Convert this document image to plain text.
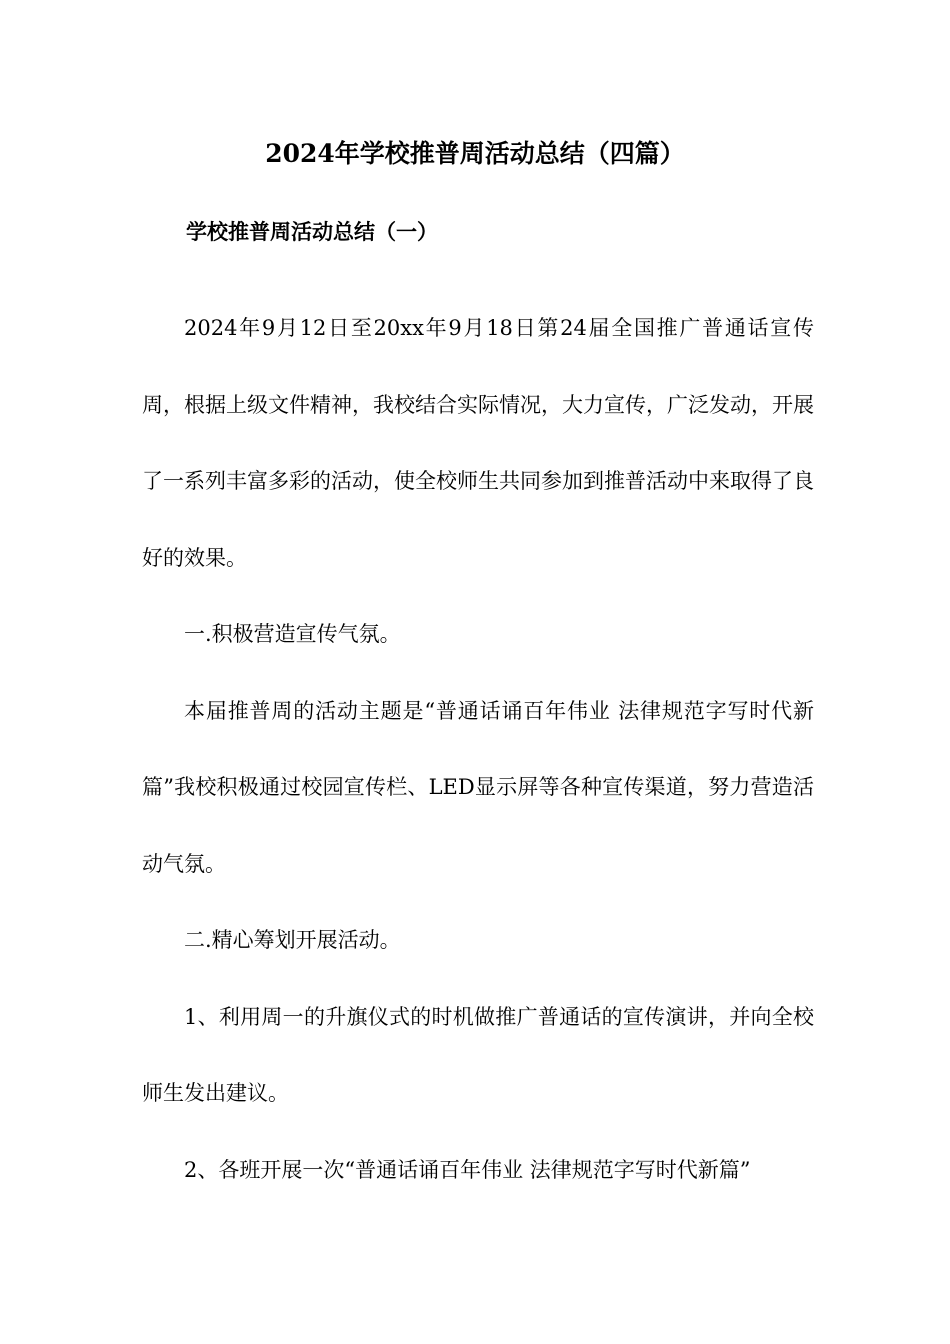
2024年学校推普周活动总结（四篇）
学校推普周活动总结（一）

2024年9月12日至20xx年9月18日第24届全国推广普通话宣传周，根据上级文件精神，我校结合实际情况，大力宣传，广泛发动，开展了一系列丰富多彩的活动，使全校师生共同参加到推普活动中来取得了良好的效果。

一.积极营造宣传气氛。

本届推普周的活动主题是“普通话诵百年伟业 法律规范字写时代新篇”我校积极通过校园宣传栏、LED显示屏等各种宣传渠道，努力营造活动气氛。

二.精心筹划开展活动。

1、利用周一的升旗仪式的时机做推广普通话的宣传演讲，并向全校师生发出建议。

2、各班开展一次“普通话诵百年伟业 法律规范字写时代新篇”
